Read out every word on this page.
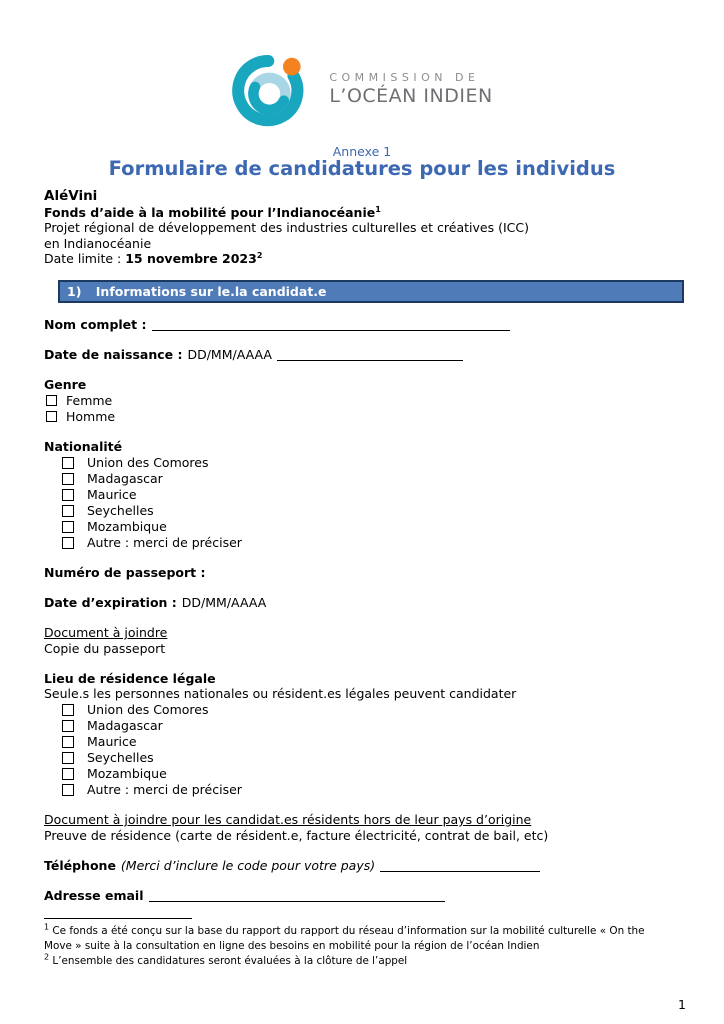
COMMISSION DE
L’OCÉAN INDIEN
Annexe 1
Formulaire de candidatures pour les individus
AléVini
Fonds d’aide à la mobilité pour l’Indianocéanie$^1$
Projet régional de développement des industries culturelles et créatives (ICC)
en Indianocéanie
Date limite : 15 novembre 2023$^2$
1) Informations sur le.la candidat.e
Nom complet :
Date de naissance : DD/MM/AAAA
Genre
Femme
Homme
Nationalité
Union des Comores
Madagascar
Maurice
Seychelles
Mozambique
Autre : merci de préciser
Numéro de passeport :
Date d’expiration : DD/MM/AAAA
Document à joindre
Copie du passeport
Lieu de résidence légale
Seule.s les personnes nationales ou résident.es légales peuvent candidater
Union des Comores
Madagascar
Maurice
Seychelles
Mozambique
Autre : merci de préciser
Document à joindre pour les candidat.es résidents hors de leur pays d’origine
Preuve de résidence (carte de résident.e, facture électricité, contrat de bail, etc)
Téléphone (Merci d’inclure le code pour votre pays)
Adresse email
$^1$ Ce fonds a été conçu sur la base du rapport du rapport du réseau d’information sur la mobilité culturelle « On the
Move » suite à la consultation en ligne des besoins en mobilité pour la région de l’océan Indien
$^2$ L’ensemble des candidatures seront évaluées à la clôture de l’appel
1
